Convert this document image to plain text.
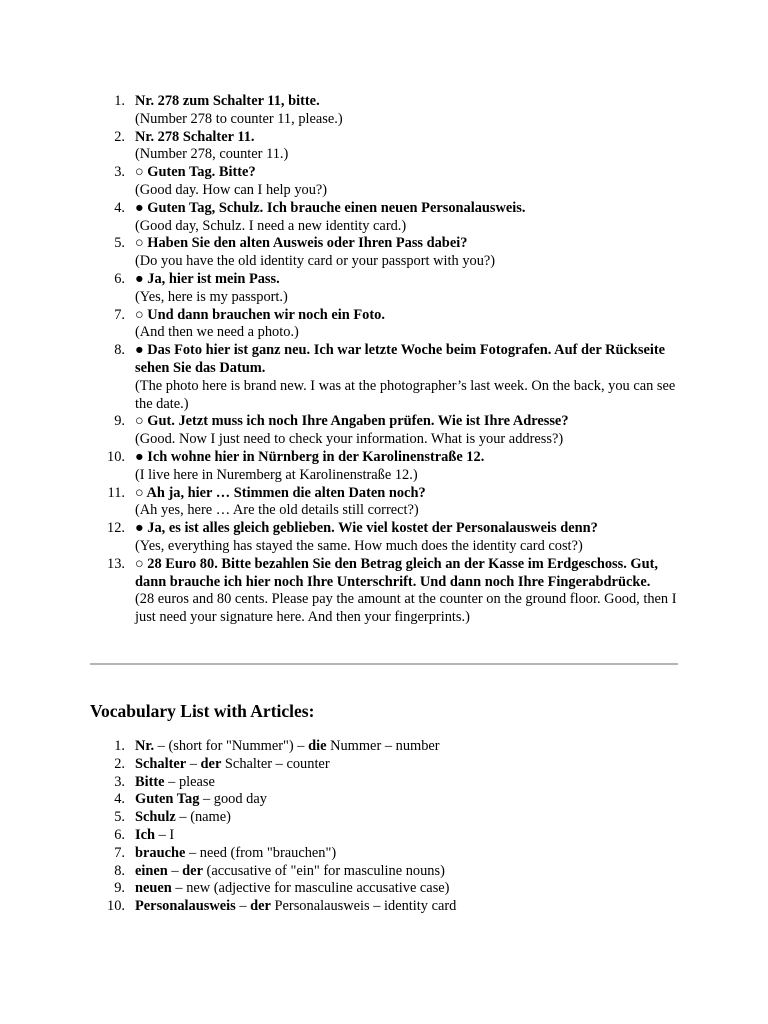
1. Nr. 278 zum Schalter 11, bitte.
(Number 278 to counter 11, please.)
2. Nr. 278 Schalter 11.
(Number 278, counter 11.)
3. ○ Guten Tag. Bitte?
(Good day. How can I help you?)
4. ● Guten Tag, Schulz. Ich brauche einen neuen Personalausweis.
(Good day, Schulz. I need a new identity card.)
5. ○ Haben Sie den alten Ausweis oder Ihren Pass dabei?
(Do you have the old identity card or your passport with you?)
6. ● Ja, hier ist mein Pass.
(Yes, here is my passport.)
7. ○ Und dann brauchen wir noch ein Foto.
(And then we need a photo.)
8. ● Das Foto hier ist ganz neu. Ich war letzte Woche beim Fotografen. Auf der Rückseite sehen Sie das Datum.
(The photo here is brand new. I was at the photographer’s last week. On the back, you can see the date.)
9. ○ Gut. Jetzt muss ich noch Ihre Angaben prüfen. Wie ist Ihre Adresse?
(Good. Now I just need to check your information. What is your address?)
10. ● Ich wohne hier in Nürnberg in der Karolinenstraße 12.
(I live here in Nuremberg at Karolinenstraße 12.)
11. ○ Ah ja, hier … Stimmen die alten Daten noch?
(Ah yes, here … Are the old details still correct?)
12. ● Ja, es ist alles gleich geblieben. Wie viel kostet der Personalausweis denn?
(Yes, everything has stayed the same. How much does the identity card cost?)
13. ○ 28 Euro 80. Bitte bezahlen Sie den Betrag gleich an der Kasse im Erdgeschoss. Gut, dann brauche ich hier noch Ihre Unterschrift. Und dann noch Ihre Fingerabdrücke.
(28 euros and 80 cents. Please pay the amount at the counter on the ground floor. Good, then I just need your signature here. And then your fingerprints.)
Vocabulary List with Articles:
1. Nr. – (short for "Nummer") – die Nummer – number
2. Schalter – der Schalter – counter
3. Bitte – please
4. Guten Tag – good day
5. Schulz – (name)
6. Ich – I
7. brauche – need (from "brauchen")
8. einen – der (accusative of "ein" for masculine nouns)
9. neuen – new (adjective for masculine accusative case)
10. Personalausweis – der Personalausweis – identity card
